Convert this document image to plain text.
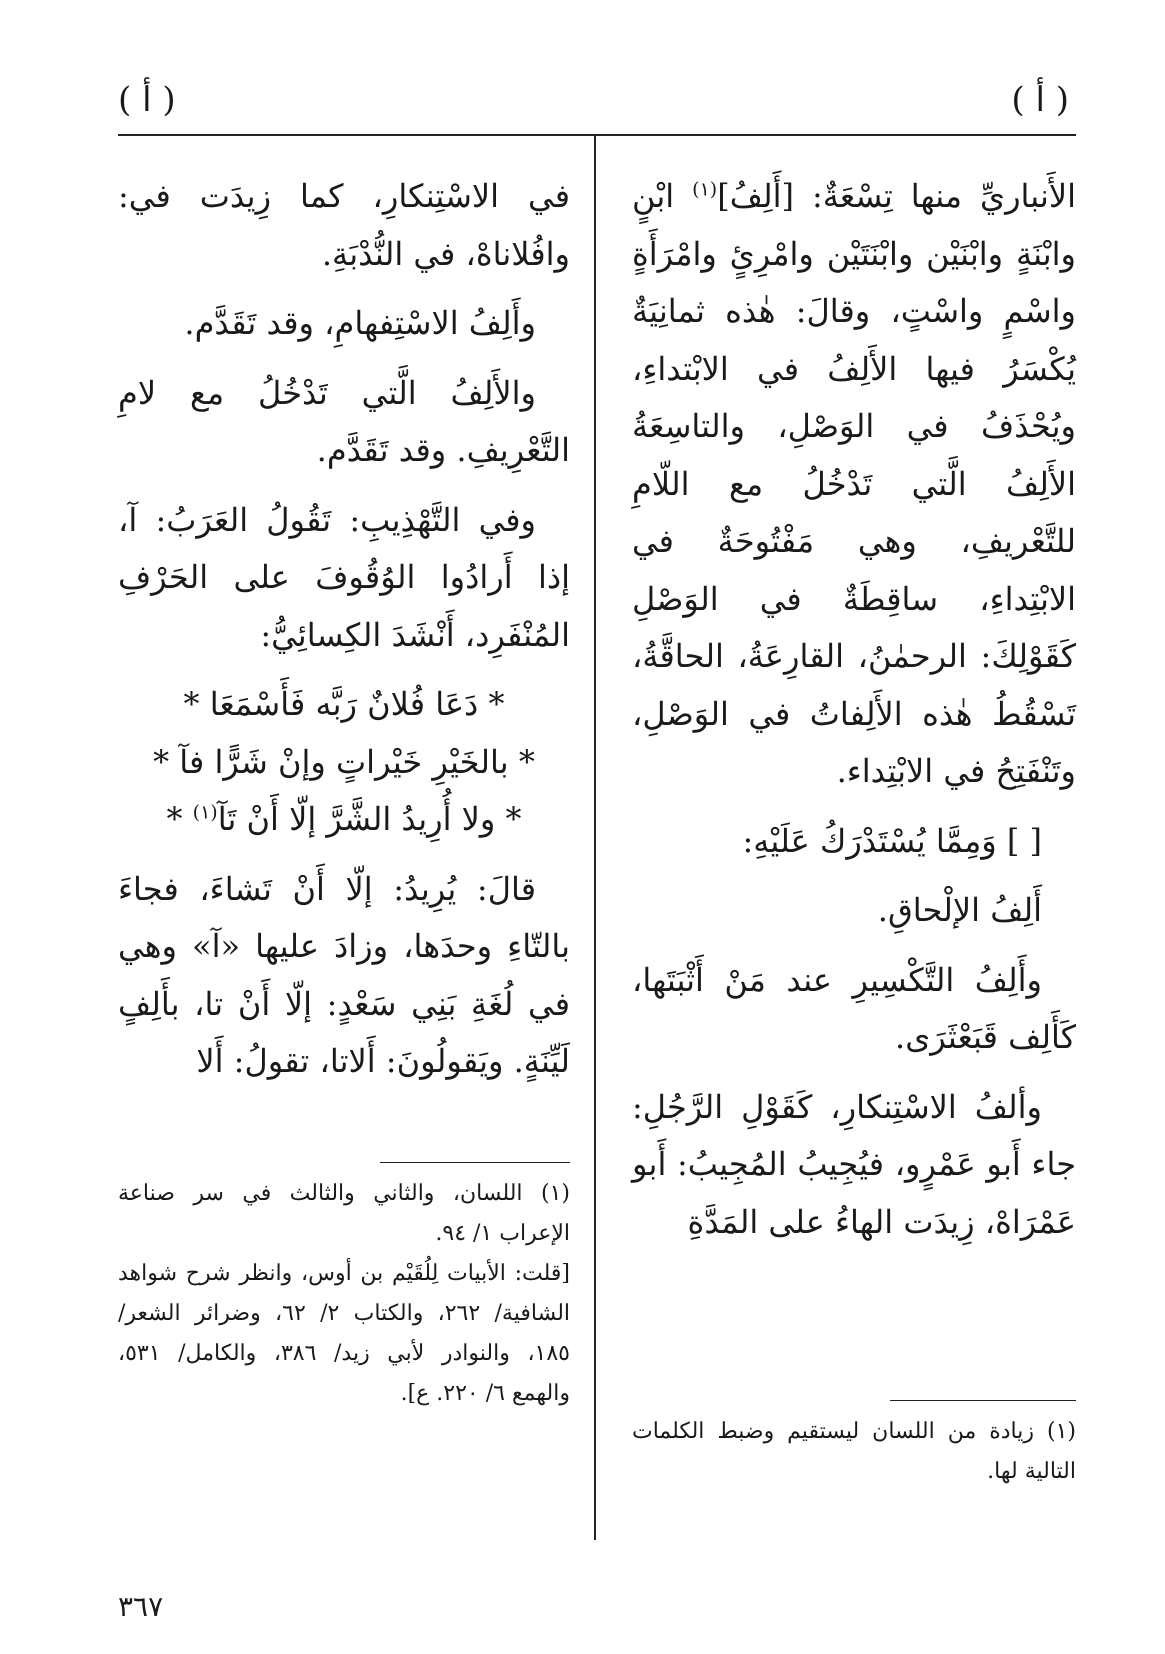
( أ )
( أ )

الأَنباريِّ منها تِسْعَةٌ: [أَلِفُ]$^{(١)}$ ابْنٍ وابْنَةٍ وابْنَيْن وابْنَتَيْن وامْرِئٍ وامْرَأَةٍ واسْمٍ واسْتٍ، وقالَ: هٰذه ثمانِيَةٌ يُكْسَرُ فيها الأَلِفُ في الابْتداءِ، ويُحْذَفُ في الوَصْلِ، والتاسِعَةُ الأَلِفُ الَّتي تَدْخُلُ مع اللّامِ للتَّعْريفِ، وهي مَفْتُوحَةٌ في الابْتِداءِ، ساقِطَةٌ في الوَصْلِ كَقَوْلِكَ: الرحمٰنُ، القارِعَةُ، الحاقَّةُ، تَسْقُطُ هٰذه الأَلِفاتُ في الوَصْلِ، وتَنْفَتِحُ في الابْتِداء.

[ ] وَمِمَّا يُسْتَدْرَكُ عَلَيْهِ:

أَلِفُ الإلْحاقِ.

وأَلِفُ التَّكْسِيرِ عند مَنْ أَثْبَتَها، كَأَلِف قَبَعْثَرَى.

وألفُ الاسْتِنكارِ، كَقَوْلِ الرَّجُلِ: جاء أَبو عَمْرٍو، فيُجِيبُ المُجِيبُ: أَبو عَمْرَاهْ، زِيدَت الهاءُ على المَدَّةِ

(١) زيادة من اللسان ليستقيم وضبط الكلمات التالية لها.

في الاسْتِنكارِ، كما زِيدَت في: وافُلاناهْ، في النُّدْبَةِ.

وأَلِفُ الاسْتِفهامِ، وقد تَقَدَّم.

والأَلِفُ الَّتي تَدْخُلُ مع لامِ التَّعْرِيفِ. وقد تَقَدَّم.

وفي التَّهْذِيبِ: تَقُولُ العَرَبُ: آ، إذا أَرادُوا الوُقُوفَ على الحَرْفِ المُنْفَرِد، أَنْشَدَ الكِسائِيُّ:

* دَعَا فُلانٌ رَبَّه فَأَسْمَعَا *

* بالخَيْرِ خَيْراتٍ وإنْ شَرًّا فآ *

* ولا أُرِيدُ الشَّرَّ إلّا أَنْ تَآ$^{(١)}$ *

قالَ: يُرِيدُ: إلّا أَنْ تَشاءَ، فجاءَ بالتّاءِ وحدَها، وزادَ عليها «آ» وهي في لُغَةِ بَنِي سَعْدٍ: إلّا أَنْ تا، بأَلِفٍ لَيِّنَةٍ. ويَقولُونَ: أَلاتا، تقولُ: أَلا

(١) اللسان، والثاني والثالث في سر صناعة الإعراب ١/ ٩٤.

[قلت: الأبيات لِلُقَيْم بن أوس، وانظر شرح شواهد الشافية/ ٢٦٢، والكتاب ٢/ ٦٢، وضرائر الشعر/ ١٨٥، والنوادر لأبي زيد/ ٣٨٦، والكامل/ ٥٣١، والهمع ٦/ ٢٢٠. ع].

٣٦٧
